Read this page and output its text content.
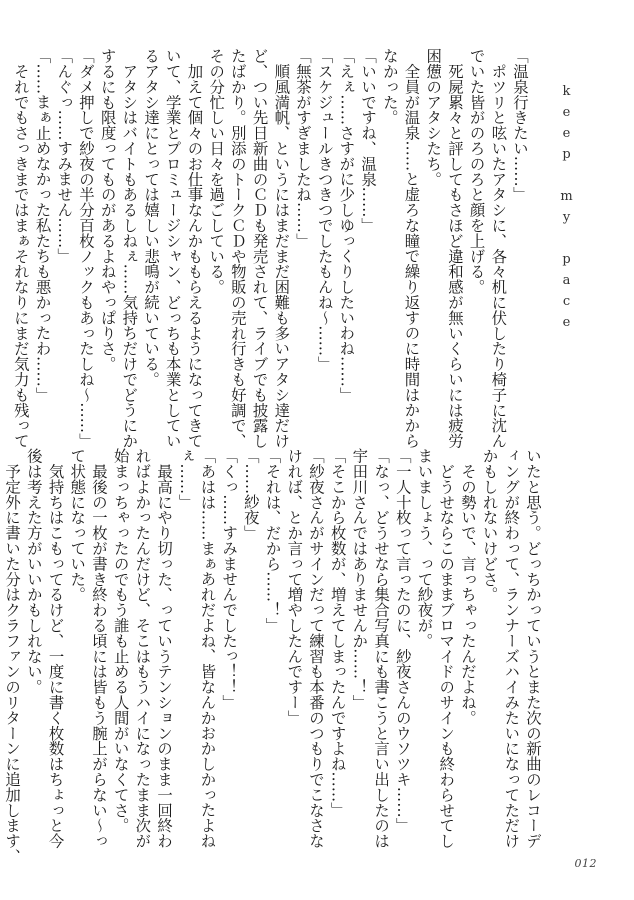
keep my pace
「温泉行きたい……」
　ポツリと呟いたアタシに、各々机に伏したり椅子に沈ん
でいた皆がのろのろと顔を上げる。
　死屍累々と評してもさほど違和感が無いくらいには疲労
困憊のアタシたち。
　全員が温泉……と虚ろな瞳で繰り返すのに時間はかから
なかった。
「いいですね、温泉……」
「えぇ……さすがに少しゆっくりしたいわね……」
「スケジュールきつきつでしたもんね～……」
「無茶がすぎましたね……」
　順風満帆、というにはまだまだ困難も多いアタシ達だけ
ど、つい先日新曲のＣＤも発売されて、ライブでも披露し
たばかり。別添のトークＣＤや物販の売れ行きも好調で、
その分忙しい日々を過ごしている。
　加えて個々のお仕事なんかももらえるようになってきて
いて、学業とプロミュージシャン、どっちも本業としてい
るアタシ達にとっては嬉しい悲鳴が続いている。
　アタシはバイトもあるしねぇ……気持ちだけでどうにか
するにも限度ってものがあるよねやっぱりさ。
「ダメ押しで紗夜の半分百枚ノックもあったしね～……」
「んぐっ……すみません……」
「……まぁ止めなかった私たちも悪かったわ……」
　それでもさっきまではまぁそれなりにまだ気力も残って
いたと思う。どっちかっていうとまた次の新曲のレコーデ
ィングが終わって、ランナーズハイみたいになってただけ
かもしれないけどさ。
　その勢いで、言っちゃったんだよね。
　どうせならこのままブロマイドのサインも終わらせてし
まいましょう、って紗夜が。
「一人十枚って言ったのに、紗夜さんのウソツキ……」
「なっ、どうせなら集合写真にも書こうと言い出したのは
宇田川さんではありませんか……！」
「そこから枚数が、増えてしまったんですよね……」
「紗夜さんがサインだって練習も本番のつもりでこなさな
ければ、とか言って増やしたんですー」
「それは、だから……！」
「……紗夜」
「くっ……すみませんでしたっ！！」
「あはは……まぁあれだよね、皆なんかおかしかったよね
ぇ……」
　最高にやり切った、っていうテンションのまま一回終わ
ればよかったんだけど、そこはもうハイになったまま次が
始まっちゃったのでもう誰も止める人間がいなくてさ。
　最後の一枚が書き終わる頃には皆もう腕上がらない～っ
て状態になっていた。
　気持ちはこもってるけど、一度に書く枚数はちょっと今
後は考えた方がいいかもしれない。
　予定外に書いた分はクラファンのリターンに追加します、	012
